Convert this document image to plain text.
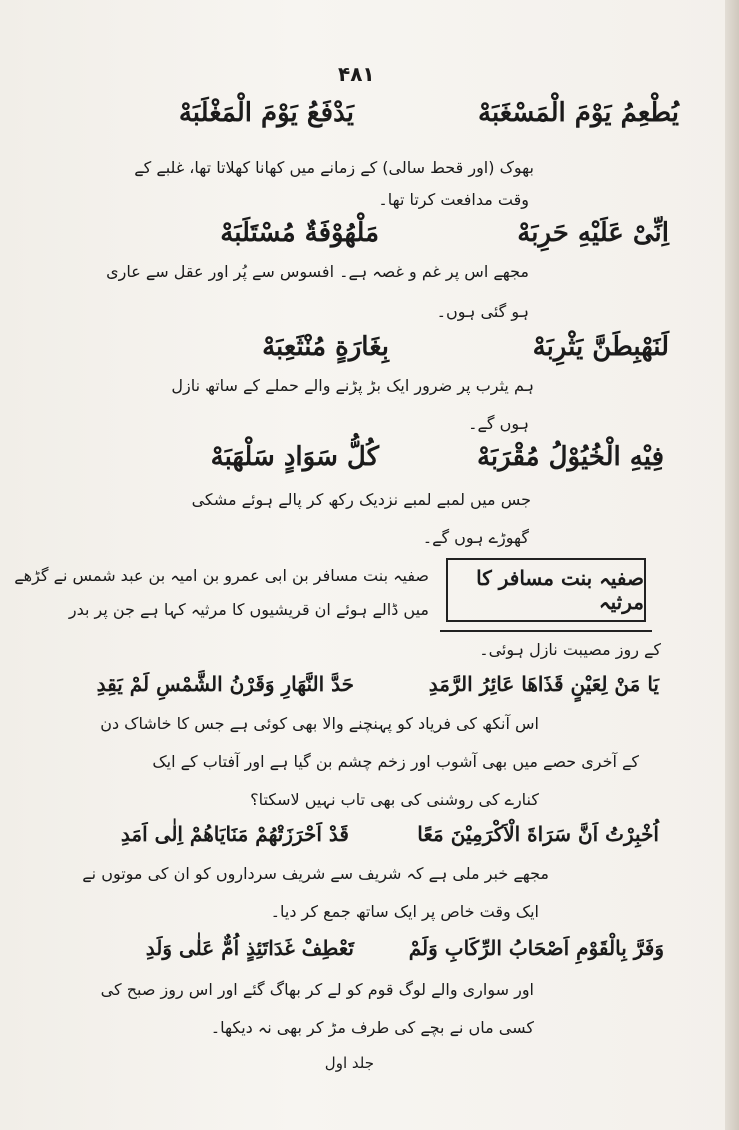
۴۸۱
یُطْعِمُ یَوْمَ الْمَسْغَبَهْ
یَدْفَعُ یَوْمَ الْمَغْلَبَهْ
بھوک (اور قحط سالی) کے زمانے میں کھانا کھلاتا تھا، غلبے کے
وقت مدافعت کرتا تھا۔
اِنِّیْ عَلَیْهِ حَرِبَهْ
مَلْهُوْفَةٌ مُسْتَلَبَهْ
مجھے اس پر غم و غصہ ہے۔ افسوس سے پُر اور عقل سے عاری
ہو گئی ہوں۔
لَنَهْبِطَنَّ یَثْرِبَهْ
بِغَارَةٍ مُنْثَعِبَهْ
ہم یثرب پر ضرور ایک بڑ پڑنے والے حملے کے ساتھ نازل
ہوں گے۔
فِیْهِ الْخُیُوْلُ مُقْرَبَهْ
کُلُّ سَوَادٍ سَلْهَبَهْ
جس میں لمبے لمبے نزدیک رکھ کر پالے ہوئے مشکی
گھوڑے ہوں گے۔
صفیہ بنت مسافر کا مرثیہ
صفیہ بنت مسافر بن ابی عمرو بن امیہ بن عبد شمس نے گڑھے
میں ڈالے ہوئے ان قریشیوں کا مرثیہ کہا ہے جن پر بدر
کے روز مصیبت نازل ہوئی۔
یَا مَنْ لِعَیْنٍ قَذَاهَا عَائِرُ الرَّمَدِ
حَدَّ النَّهَارِ وَقَرْنُ الشَّمْسِ لَمْ یَقِدِ
اس آنکھ کی فریاد کو پہنچنے والا بھی کوئی ہے جس کا خاشاک دن
کے آخری حصے میں بھی آشوب اور زخم چشم بن گیا ہے اور آفتاب کے ایک
کنارے کی روشنی کی بھی تاب نہیں لاسکتا؟
اُخْبِرْتُ اَنَّ سَرَاةَ الْاَکْرَمِیْنَ مَعًا
قَدْ اَحْرَزَتْهُمْ مَنَایَاهُمْ اِلٰی اَمَدِ
مجھے خبر ملی ہے کہ شریف سے شریف سرداروں کو ان کی موتوں نے
ایک وقت خاص پر ایک ساتھ جمع کر دیا۔
وَفَرَّ بِالْقَوْمِ اَصْحَابُ الرِّکَابِ وَلَمْ
تَعْطِفْ غَدَاتَئِذٍ اُمٌّ عَلٰی وَلَدِ
اور سواری والے لوگ قوم کو لے کر بھاگ گئے اور اس روز صبح کی
کسی ماں نے بچے کی طرف مڑ کر بھی نہ دیکھا۔
جلد اول
